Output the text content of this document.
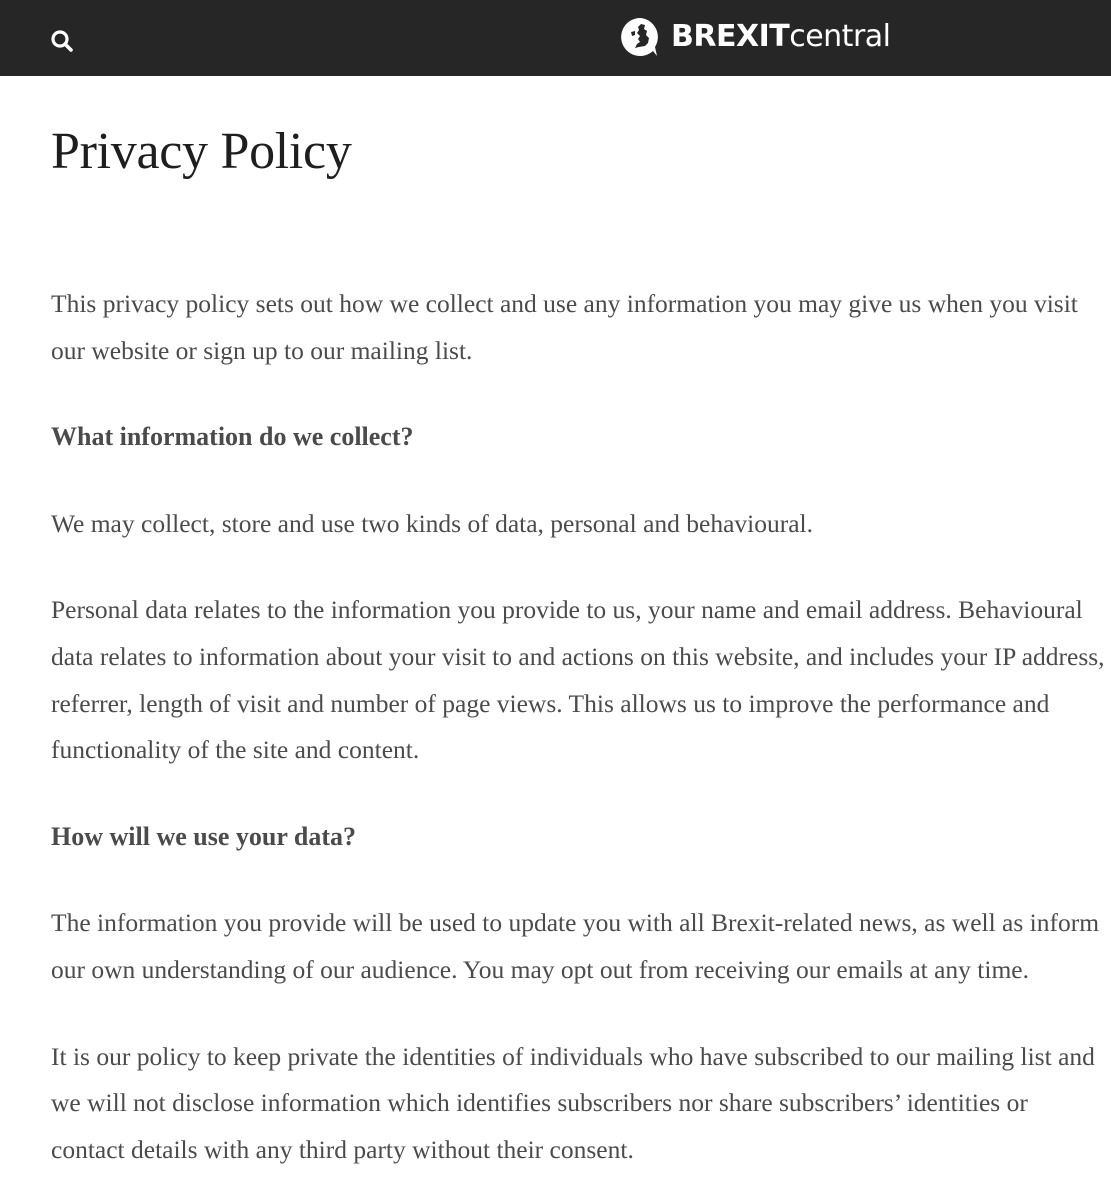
BREXITcentral
Privacy Policy

This privacy policy sets out how we collect and use any information you may give us when you visit our website or sign up to our mailing list.

What information do we collect?

We may collect, store and use two kinds of data, personal and behavioural.

Personal data relates to the information you provide to us, your name and email address. Behavioural data relates to information about your visit to and actions on this website, and includes your IP address, referrer, length of visit and number of page views. This allows us to improve the performance and functionality of the site and content.

How will we use your data?

The information you provide will be used to update you with all Brexit-related news, as well as inform our own understanding of our audience. You may opt out from receiving our emails at any time.

It is our policy to keep private the identities of individuals who have subscribed to our mailing list and we will not disclose information which identifies subscribers nor share subscribers’ identities or contact details with any third party without their consent.
